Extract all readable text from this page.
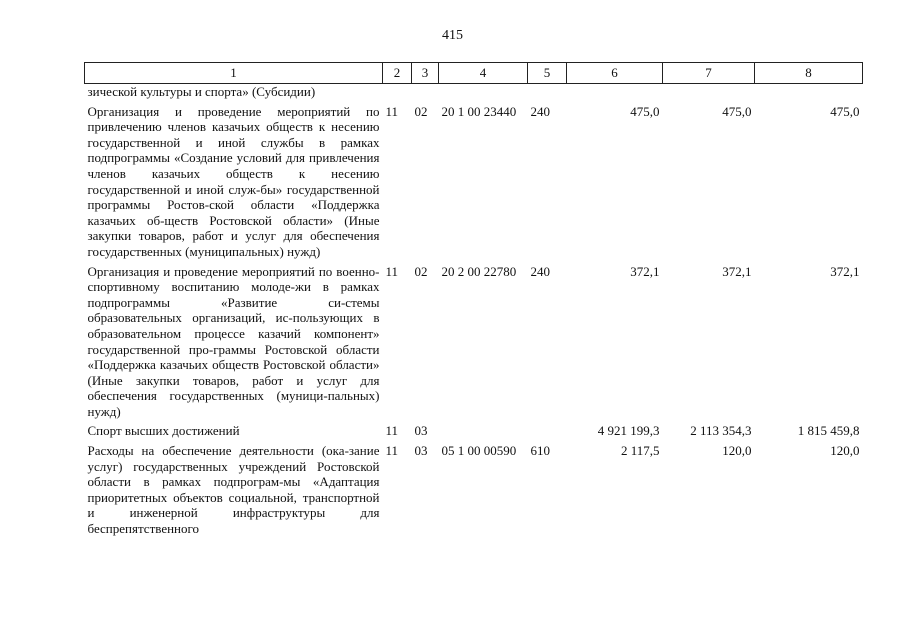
415
1	2	3	4	5	6	7	8
зической культуры и спорта» (Субсидии)							
Организация и проведение мероприятий по привлечению членов казачьих обществ к несению государственной и иной службы в рамках подпрограммы «Создание условий для привлечения членов казачьих обществ к несению государственной и иной служ-бы» государственной программы Ростов-ской области «Поддержка казачьих об-ществ Ростовской области» (Иные закупки товаров, работ и услуг для обеспечения государственных (муниципальных) нужд)	11	02	20 1 00 23440	240	475,0	475,0	475,0
Организация и проведение мероприятий по военно-спортивному воспитанию молоде-жи в рамках подпрограммы «Развитие си-стемы образовательных организаций, ис-пользующих в образовательном процессе казачий компонент» государственной про-граммы Ростовской области «Поддержка казачьих обществ Ростовской области» (Иные закупки товаров, работ и услуг для обеспечения государственных (муници-пальных) нужд)	11	02	20 2 00 22780	240	372,1	372,1	372,1
Спорт высших достижений	11	03			4 921 199,3	2 113 354,3	1 815 459,8
Расходы на обеспечение деятельности (ока-зание услуг) государственных учреждений Ростовской области в рамках подпрограм-мы «Адаптация приоритетных объектов социальной, транспортной и инженерной инфраструктуры для беспрепятственного	11	03	05 1 00 00590	610	2 117,5	120,0	120,0
